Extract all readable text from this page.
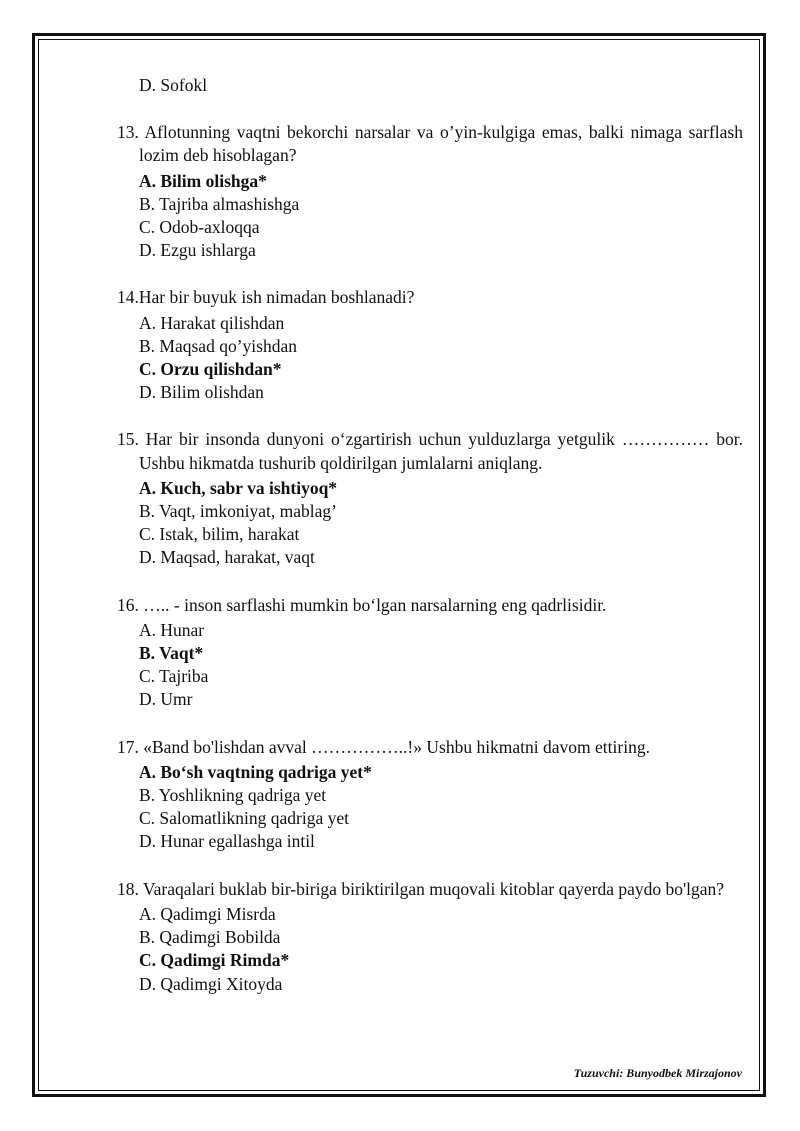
D. Sofokl
13. Aflotunning vaqtni bekorchi narsalar va o’yin-kulgiga emas, balki nimaga sarflash lozim deb hisoblagan?
A. Bilim olishga*
B. Tajriba almashishga
C. Odob-axloqqa
D. Ezgu ishlarga
14.Har bir buyuk ish nimadan boshlanadi?
A. Harakat qilishdan
B. Maqsad qo’yishdan
C. Orzu qilishdan*
D. Bilim olishdan
15. Har bir insonda dunyoni o‘zgartirish uchun yulduzlarga yetgulik …………… bor. Ushbu hikmatda tushurib qoldirilgan jumlalarni aniqlang.
A. Kuch, sabr va ishtiyoq*
B. Vaqt, imkoniyat, mablag’
C. Istak, bilim, harakat
D. Maqsad, harakat, vaqt
16. ….. - inson sarflashi mumkin bo‘lgan narsalarning eng qadrlisidir.
A. Hunar
B. Vaqt*
C. Tajriba
D. Umr
17. «Band bo'lishdan avval ……………..!» Ushbu hikmatni davom ettiring.
A. Bo‘sh vaqtning qadriga yet*
B. Yoshlikning qadriga yet
C. Salomatlikning qadriga yet
D. Hunar egallashga intil
18. Varaqalari buklab bir-biriga biriktirilgan muqovali kitoblar qayerda paydo bo'lgan?
A. Qadimgi Misrda
B. Qadimgi Bobilda
C. Qadimgi Rimda*
D. Qadimgi Xitoyda
Tuzuvchi: Bunyodbek Mirzajonov
